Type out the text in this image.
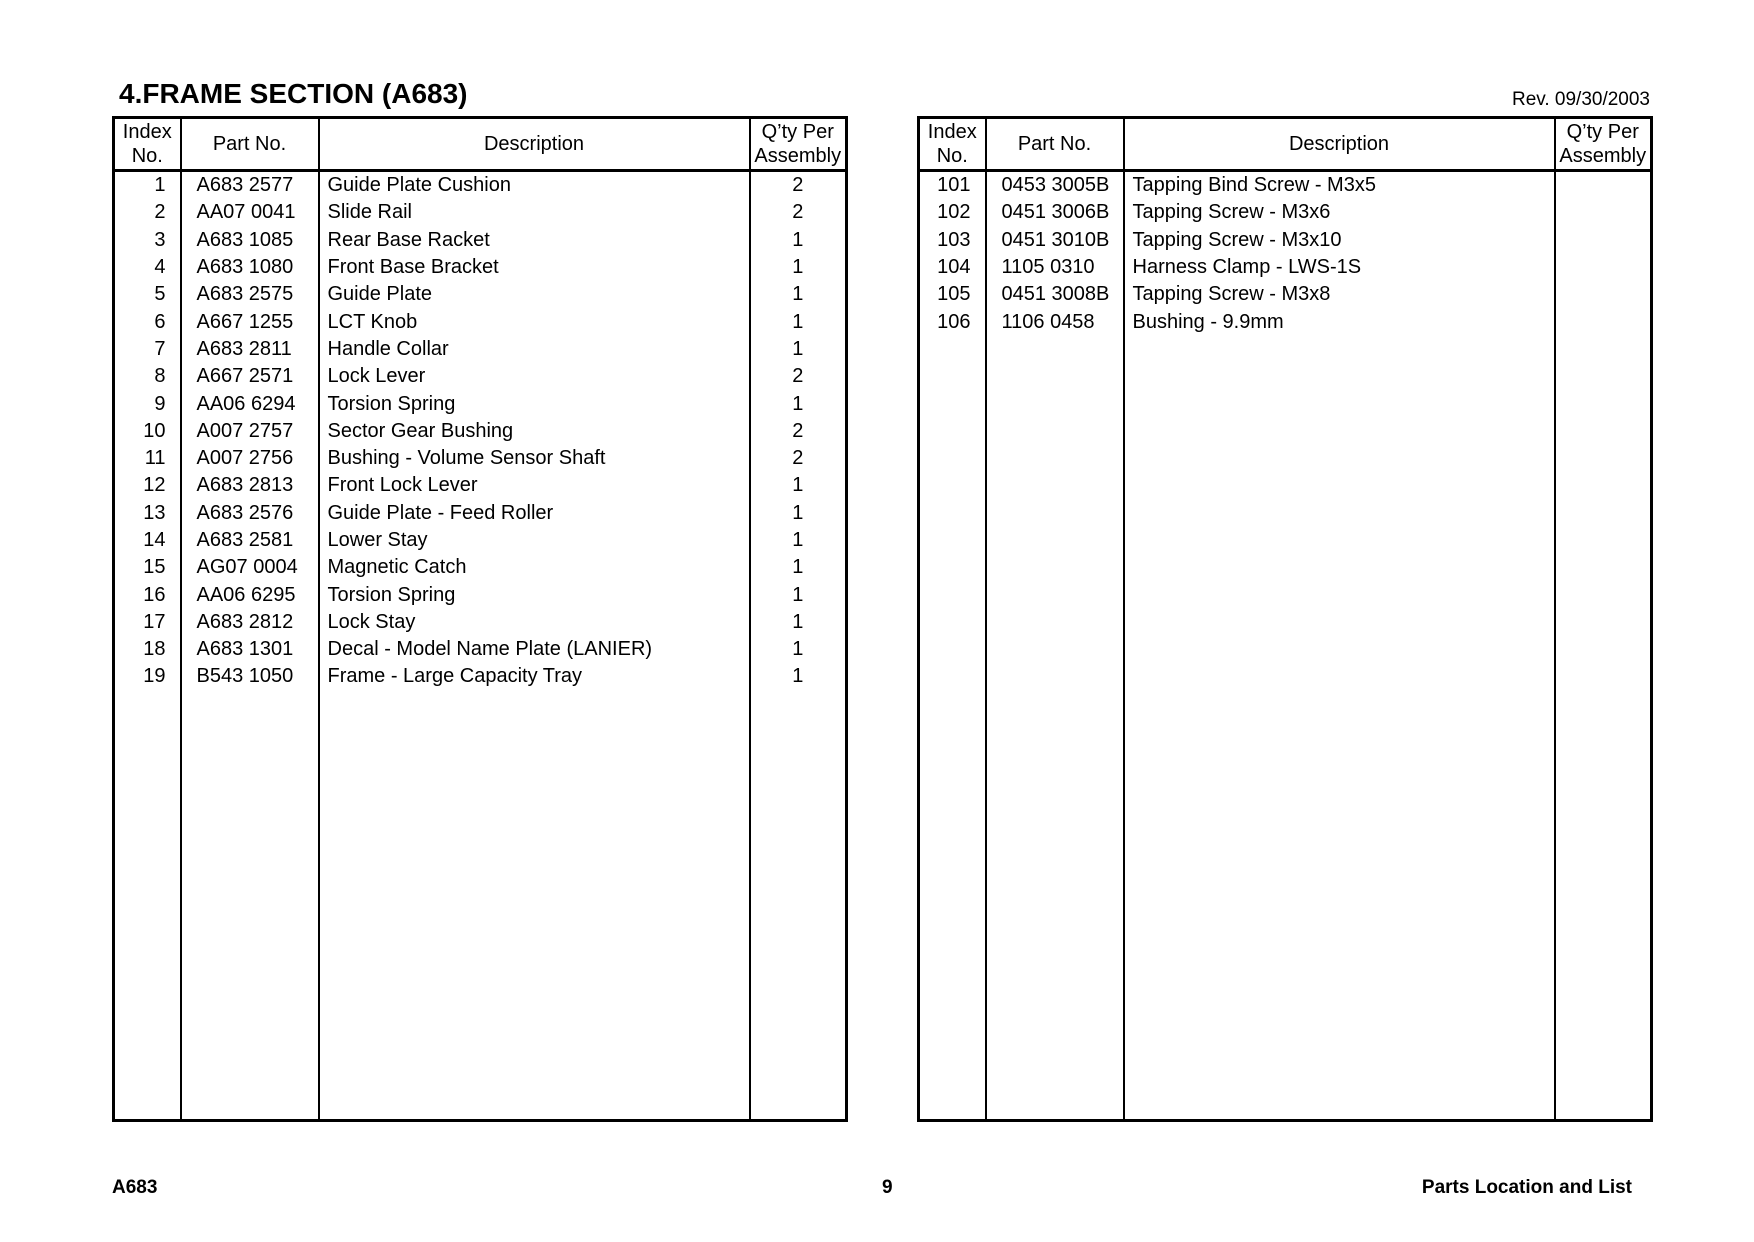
4.FRAME SECTION (A683)	Rev. 09/30/2003
Index
No.	Part No.	Description	Q’ty Per
Assembly
1	A683 2577	Guide Plate Cushion	2
2	AA07 0041	Slide Rail	2
3	A683 1085	Rear Base Racket	1
4	A683 1080	Front Base Bracket	1
5	A683 2575	Guide Plate	1
6	A667 1255	LCT Knob	1
7	A683 2811	Handle Collar	1
8	A667 2571	Lock Lever	2
9	AA06 6294	Torsion Spring	1
10	A007 2757	Sector Gear Bushing	2
11	A007 2756	Bushing - Volume Sensor Shaft	2
12	A683 2813	Front Lock Lever	1
13	A683 2576	Guide Plate - Feed Roller	1
14	A683 2581	Lower Stay	1
15	AG07 0004	Magnetic Catch	1
16	AA06 6295	Torsion Spring	1
17	A683 2812	Lock Stay	1
18	A683 1301	Decal - Model Name Plate (LANIER)	1
19	B543 1050	Frame - Large Capacity Tray	1

Index
No.	Part No.	Description	Q’ty Per
Assembly
101	0453 3005B	Tapping Bind Screw - M3x5	
102	0451 3006B	Tapping Screw - M3x6	
103	0451 3010B	Tapping Screw - M3x10	
104	1105 0310	Harness Clamp - LWS-1S	
105	0451 3008B	Tapping Screw - M3x8	
106	1106 0458	Bushing - 9.9mm	

A683	9	Parts Location and List
